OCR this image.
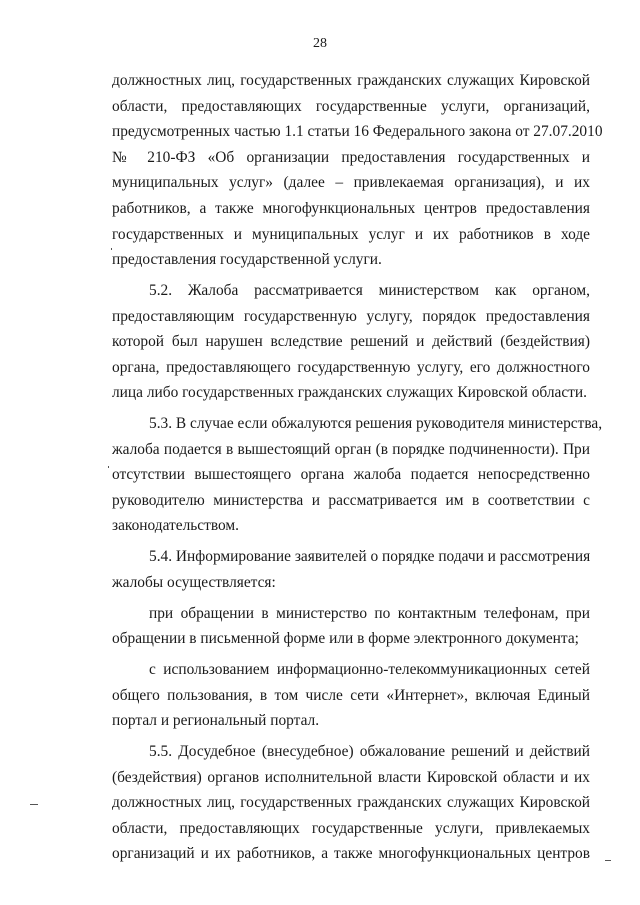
28
должностных лиц, государственных гражданских служащих Кировской
области, предоставляющих государственные услуги, организаций,
предусмотренных частью 1.1 статьи 16 Федерального закона от 27.07.2010
№ 210-ФЗ «Об организации предоставления государственных и
муниципальных услуг» (далее – привлекаемая организация), и их
работников, а также многофункциональных центров предоставления
государственных и муниципальных услуг и их работников в ходе
предоставления государственной услуги.
5.2. Жалоба рассматривается министерством как органом,
предоставляющим государственную услугу, порядок предоставления
которой был нарушен вследствие решений и действий (бездействия)
органа, предоставляющего государственную услугу, его должностного
лица либо государственных гражданских служащих Кировской области.
5.3. В случае если обжалуются решения руководителя министерства,
жалоба подается в вышестоящий орган (в порядке подчиненности). При
отсутствии вышестоящего органа жалоба подается непосредственно
руководителю министерства и рассматривается им в соответствии с
законодательством.
5.4. Информирование заявителей о порядке подачи и рассмотрения
жалобы осуществляется:
при обращении в министерство по контактным телефонам, при
обращении в письменной форме или в форме электронного документа;
с использованием информационно-телекоммуникационных сетей
общего пользования, в том числе сети «Интернет», включая Единый
портал и региональный портал.
5.5. Досудебное (внесудебное) обжалование решений и действий
(бездействия) органов исполнительной власти Кировской области и их
должностных лиц, государственных гражданских служащих Кировской
области, предоставляющих государственные услуги, привлекаемых
организаций и их работников, а также многофункциональных центров
